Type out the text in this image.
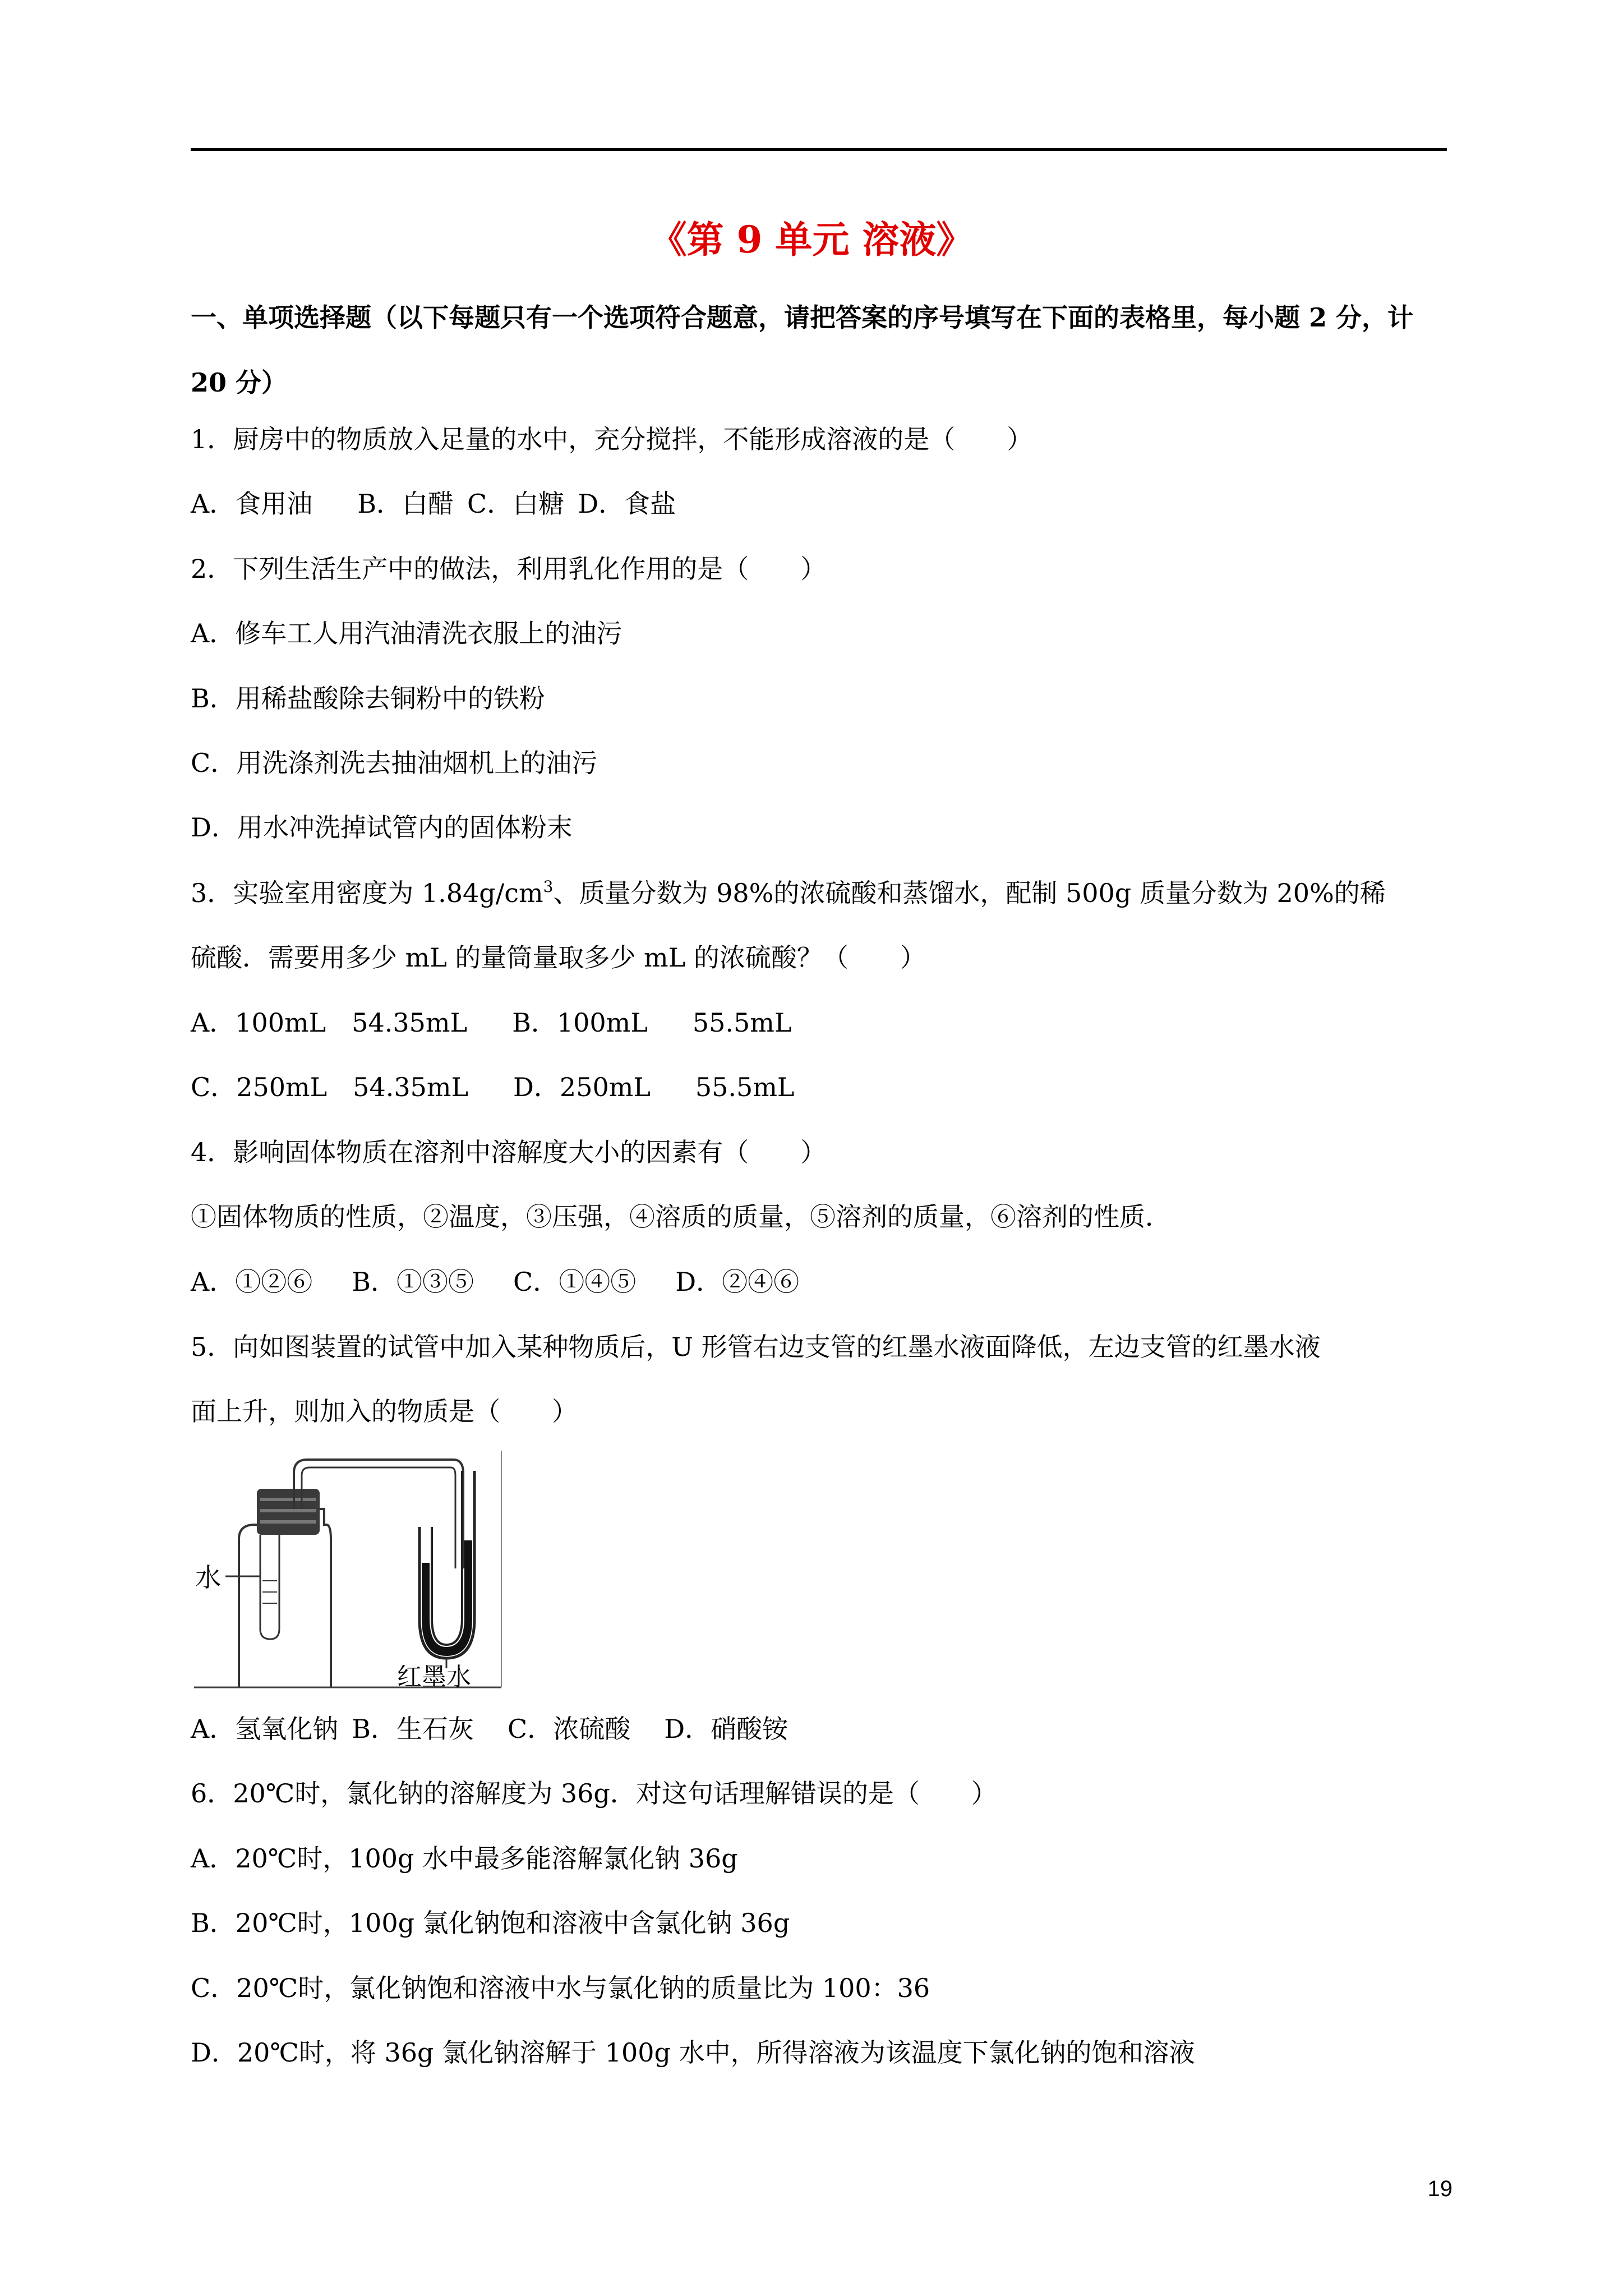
《第 9 单元 溶液》
一、单项选择题（以下每题只有一个选项符合题意，请把答案的序号填写在下面的表格里，每小题 2 分，计 20 分）
1．厨房中的物质放入足量的水中，充分搅拌，不能形成溶液的是（　　）
A．食用油 B．白醋 C．白糖 D．食盐
2．下列生活生产中的做法，利用乳化作用的是（　　）
A．修车工人用汽油清洗衣服上的油污
B．用稀盐酸除去铜粉中的铁粉
C．用洗涤剂洗去抽油烟机上的油污
D．用水冲洗掉试管内的固体粉末
3．实验室用密度为 $1.84g/cm^3$、质量分数为 98%的浓硫酸和蒸馏水，配制 500g 质量分数为 20%的稀
硫酸．需要用多少 mL 的量筒量取多少 mL 的浓硫酸？（　　）
A．100mL 54.35mL B．100mL 55.5mL
C．250mL 54.35mL D．250mL 55.5mL
4．影响固体物质在溶剂中溶解度大小的因素有（　　）
①固体物质的性质，②温度，③压强，④溶质的质量，⑤溶剂的质量，⑥溶剂的性质．
A．①②⑥ B．①③⑤ C．①④⑤ D．②④⑥
5．向如图装置的试管中加入某种物质后，U 形管右边支管的红墨水液面降低，左边支管的红墨水液
面上升，则加入的物质是（　　）
水
红墨水
A．氢氧化钠 B．生石灰 C．浓硫酸 D．硝酸铵
6．20℃时，氯化钠的溶解度为 36g．对这句话理解错误的是（　　）
A．20℃时，100g 水中最多能溶解氯化钠 36g
B．20℃时，100g 氯化钠饱和溶液中含氯化钠 36g
C．20℃时，氯化钠饱和溶液中水与氯化钠的质量比为 100：36
D．20℃时，将 36g 氯化钠溶解于 100g 水中，所得溶液为该温度下氯化钠的饱和溶液
19
